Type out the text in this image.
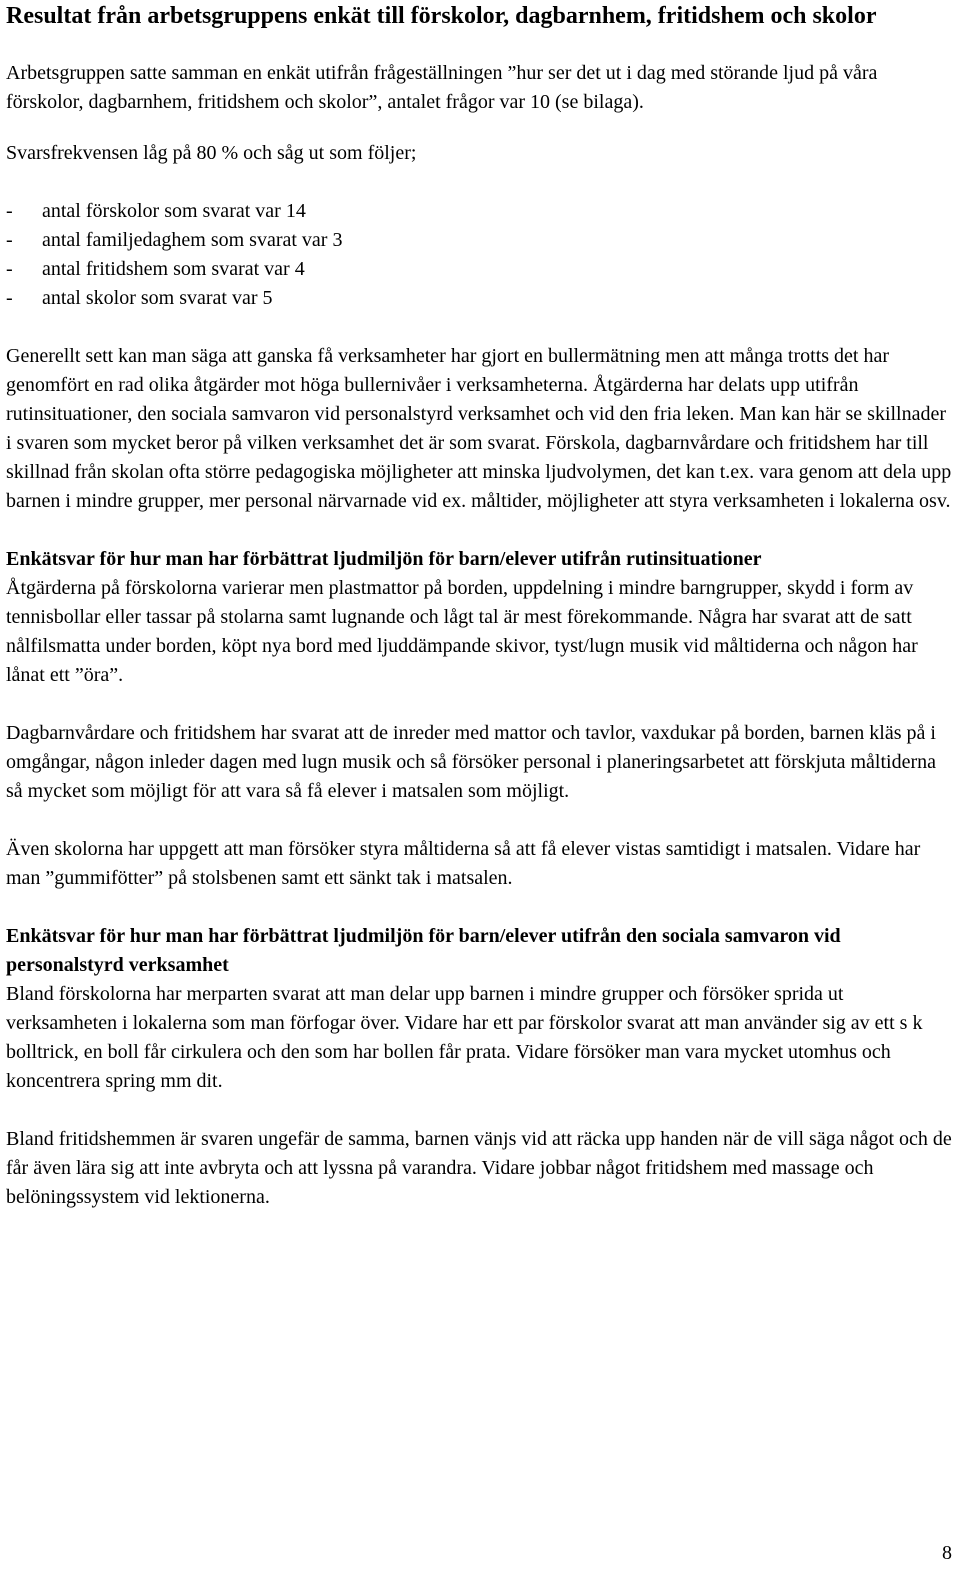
Resultat från arbetsgruppens enkät till förskolor, dagbarnhem, fritidshem och skolor

Arbetsgruppen satte samman en enkät utifrån frågeställningen ”hur ser det ut i dag med störande ljud på våra förskolor, dagbarnhem, fritidshem och skolor”, antalet frågor var 10 (se bilaga).

Svarsfrekvensen låg på 80 % och såg ut som följer;

- antal förskolor som svarat var 14
- antal familjedaghem som svarat var 3
- antal fritidshem som svarat var 4
- antal skolor som svarat var 5

Generellt sett kan man säga att ganska få verksamheter har gjort en bullermätning men att många trotts det har genomfört en rad olika åtgärder mot höga bullernivåer i verksamheterna. Åtgärderna har delats upp utifrån rutinsituationer, den sociala samvaron vid personalstyrd verksamhet och vid den fria leken. Man kan här se skillnader i svaren som mycket beror på vilken verksamhet det är som svarat. Förskola, dagbarnvårdare och fritidshem har till skillnad från skolan ofta större pedagogiska möjligheter att minska ljudvolymen, det kan t.ex. vara genom att dela upp barnen i mindre grupper, mer personal närvarnade vid ex. måltider, möjligheter att styra verksamheten i lokalerna osv.

Enkätsvar för hur man har förbättrat ljudmiljön för barn/elever utifrån rutinsituationer

Åtgärderna på förskolorna varierar men plastmattor på borden, uppdelning i mindre barngrupper, skydd i form av tennisbollar eller tassar på stolarna samt lugnande och lågt tal är mest förekommande. Några har svarat att de satt nålfilsmatta under borden, köpt nya bord med ljuddämpande skivor, tyst/lugn musik vid måltiderna och någon har lånat ett ”öra”.

Dagbarnvårdare och fritidshem har svarat att de inreder med mattor och tavlor, vaxdukar på borden, barnen kläs på i omgångar, någon inleder dagen med lugn musik och så försöker personal i planeringsarbetet att förskjuta måltiderna så mycket som möjligt för att vara så få elever i matsalen som möjligt.

Även skolorna har uppgett att man försöker styra måltiderna så att få elever vistas samtidigt i matsalen. Vidare har man ”gummifötter” på stolsbenen samt ett sänkt tak i matsalen.

Enkätsvar för hur man har förbättrat ljudmiljön för barn/elever utifrån den sociala samvaron vid personalstyrd verksamhet

Bland förskolorna har merparten svarat att man delar upp barnen i mindre grupper och försöker sprida ut verksamheten i lokalerna som man förfogar över. Vidare har ett par förskolor svarat att man använder sig av ett s k bolltrick, en boll får cirkulera och den som har bollen får prata. Vidare försöker man vara mycket utomhus och koncentrera spring mm dit.

Bland fritidshemmen är svaren ungefär de samma, barnen vänjs vid att räcka upp handen när de vill säga något och de får även lära sig att inte avbryta och att lyssna på varandra. Vidare jobbar något fritidshem med massage och belöningssystem vid lektionerna.

8
